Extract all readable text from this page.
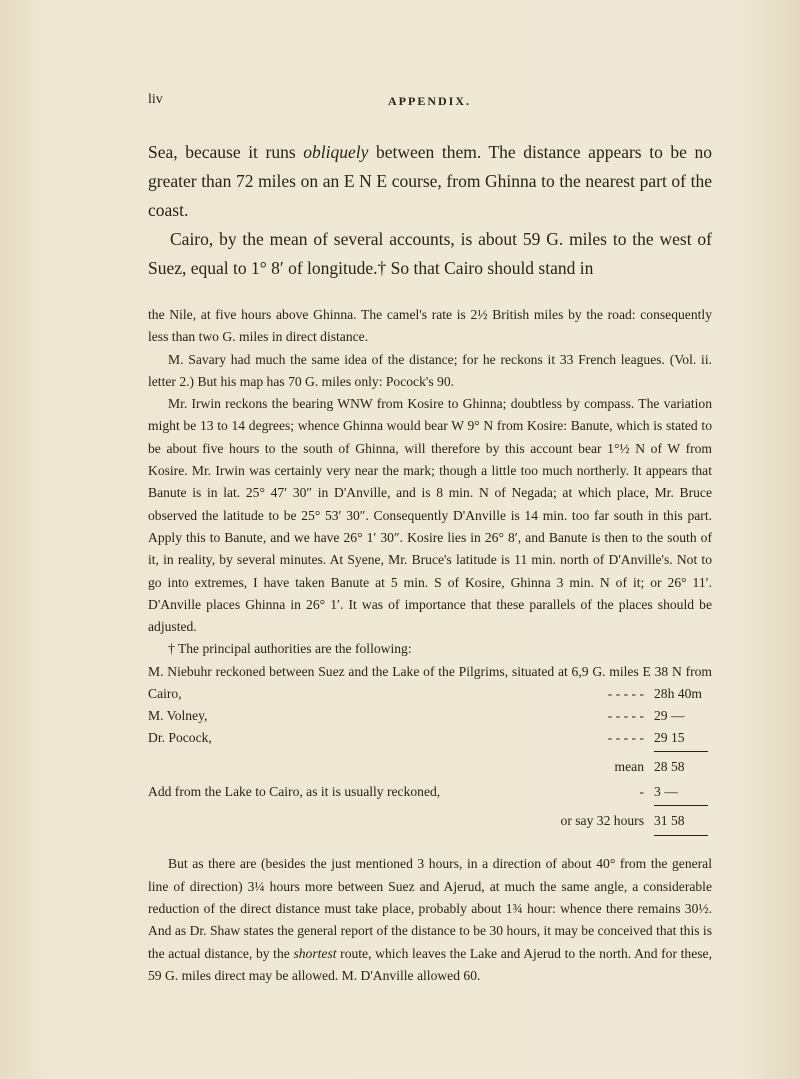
liv	APPENDIX.

Sea, because it runs obliquely between them. The distance appears to be no greater than 72 miles on an E N E course, from Ghinna to the nearest part of the coast.

Cairo, by the mean of several accounts, is about 59 G. miles to the west of Suez, equal to 1° 8′ of longitude.† So that Cairo should stand in

the Nile, at five hours above Ghinna. The camel's rate is 2½ British miles by the road: consequently less than two G. miles in direct distance.

M. Savary had much the same idea of the distance; for he reckons it 33 French leagues. (Vol. ii. letter 2.) But his map has 70 G. miles only: Pocock's 90.

Mr. Irwin reckons the bearing WNW from Kosire to Ghinna; doubtless by compass. The variation might be 13 to 14 degrees; whence Ghinna would bear W 9° N from Kosire: Banute, which is stated to be about five hours to the south of Ghinna, will therefore by this account bear 1°½ N of W from Kosire. Mr. Irwin was certainly very near the mark; though a little too much northerly. It appears that Banute is in lat. 25° 47′ 30″ in D'Anville, and is 8 min. N of Negada; at which place, Mr. Bruce observed the latitude to be 25° 53′ 30″. Consequently D'Anville is 14 min. too far south in this part. Apply this to Banute, and we have 26° 1′ 30″. Kosire lies in 26° 8′, and Banute is then to the south of it, in reality, by several minutes. At Syene, Mr. Bruce's latitude is 11 min. north of D'Anville's. Not to go into extremes, I have taken Banute at 5 min. S of Kosire, Ghinna 3 min. N of it; or 26° 11′. D'Anville places Ghinna in 26° 1′. It was of importance that these parallels of the places should be adjusted.

† The principal authorities are the following:

M. Niebuhr reckoned between Suez and the Lake of the Pilgrims, situated at 6,9 G. miles E 38 N from Cairo,	- - - - - 28h 40m
M. Volney,	- - - - - 29 —
Dr. Pocock,	- - - - - 29 15
mean 28 58
Add from the Lake to Cairo, as it is usually reckoned,	- 3 —
or say 32 hours 31 58

But as there are (besides the just mentioned 3 hours, in a direction of about 40° from the general line of direction) 3¼ hours more between Suez and Ajerud, at much the same angle, a considerable reduction of the direct distance must take place, probably about 1¾ hour: whence there remains 30½. And as Dr. Shaw states the general report of the distance to be 30 hours, it may be conceived that this is the actual distance, by the shortest route, which leaves the Lake and Ajerud to the north. And for these, 59 G. miles direct may be allowed. M. D'Anville allowed 60.
